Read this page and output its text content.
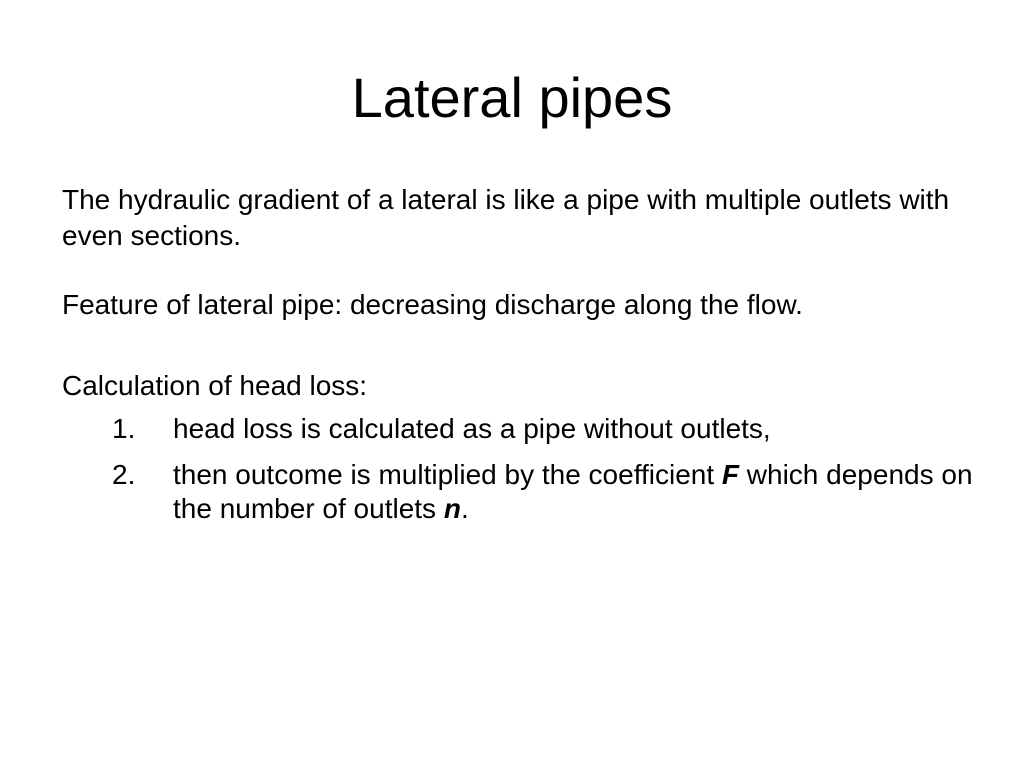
Lateral pipes

The hydraulic gradient of a lateral is like a pipe with multiple outlets with even sections.

Feature of lateral pipe: decreasing discharge along the flow.

Calculation of head loss:

1. head loss is calculated as a pipe without outlets,
2. then outcome is multiplied by the coefficient F which depends on the number of outlets n.
